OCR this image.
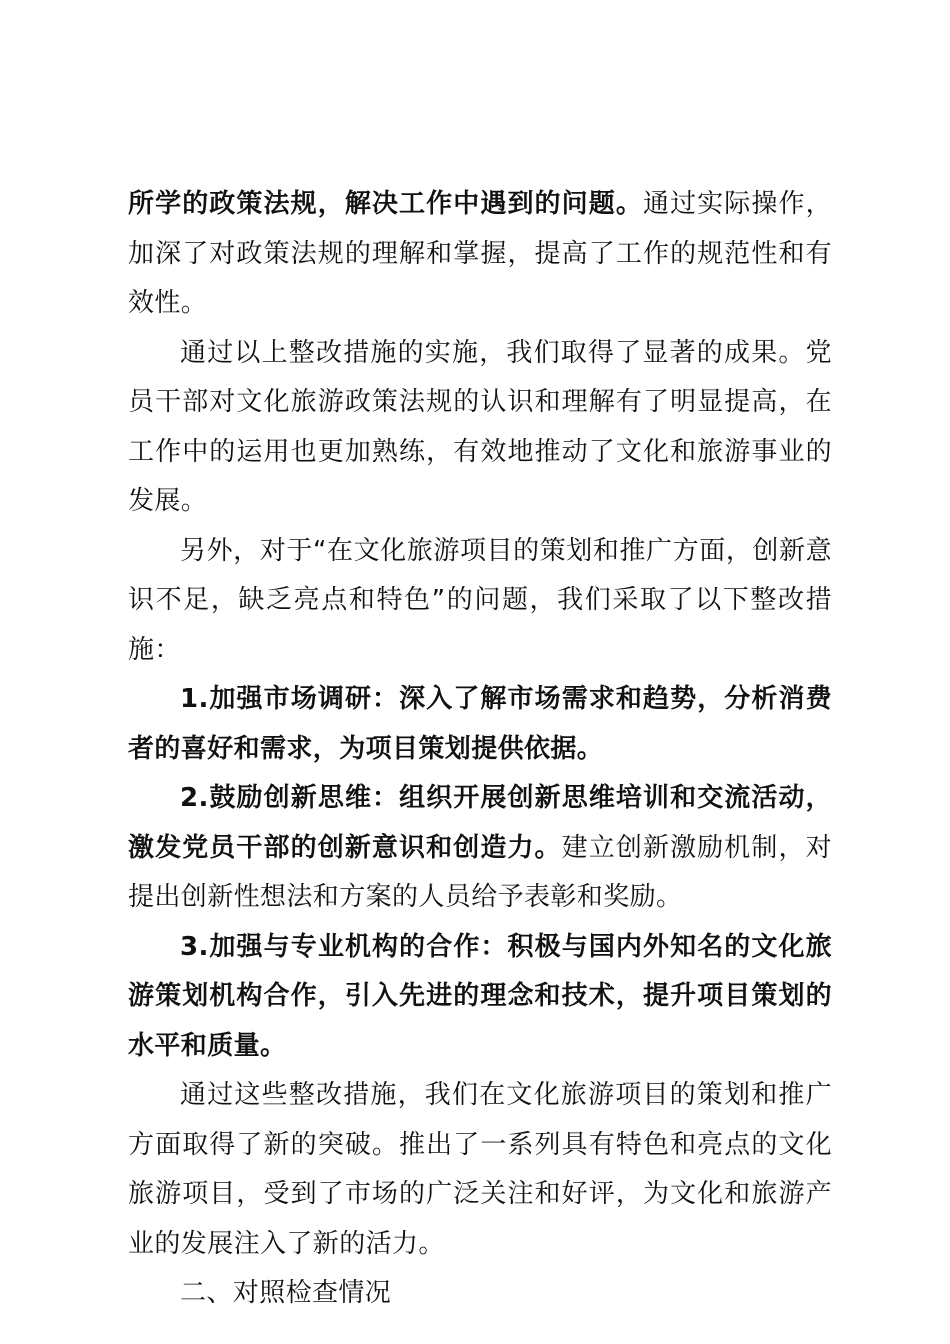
所学的政策法规，解决工作中遇到的问题。通过实际操作，加深了对政策法规的理解和掌握，提高了工作的规范性和有效性。

通过以上整改措施的实施，我们取得了显著的成果。党员干部对文化旅游政策法规的认识和理解有了明显提高，在工作中的运用也更加熟练，有效地推动了文化和旅游事业的发展。

另外，对于“在文化旅游项目的策划和推广方面，创新意识不足，缺乏亮点和特色”的问题，我们采取了以下整改措施：

1.加强市场调研：深入了解市场需求和趋势，分析消费者的喜好和需求，为项目策划提供依据。

2.鼓励创新思维：组织开展创新思维培训和交流活动，激发党员干部的创新意识和创造力。建立创新激励机制，对提出创新性想法和方案的人员给予表彰和奖励。

3.加强与专业机构的合作：积极与国内外知名的文化旅游策划机构合作，引入先进的理念和技术，提升项目策划的水平和质量。

通过这些整改措施，我们在文化旅游项目的策划和推广方面取得了新的突破。推出了一系列具有特色和亮点的文化旅游项目，受到了市场的广泛关注和好评，为文化和旅游产业的发展注入了新的活力。

二、对照检查情况
